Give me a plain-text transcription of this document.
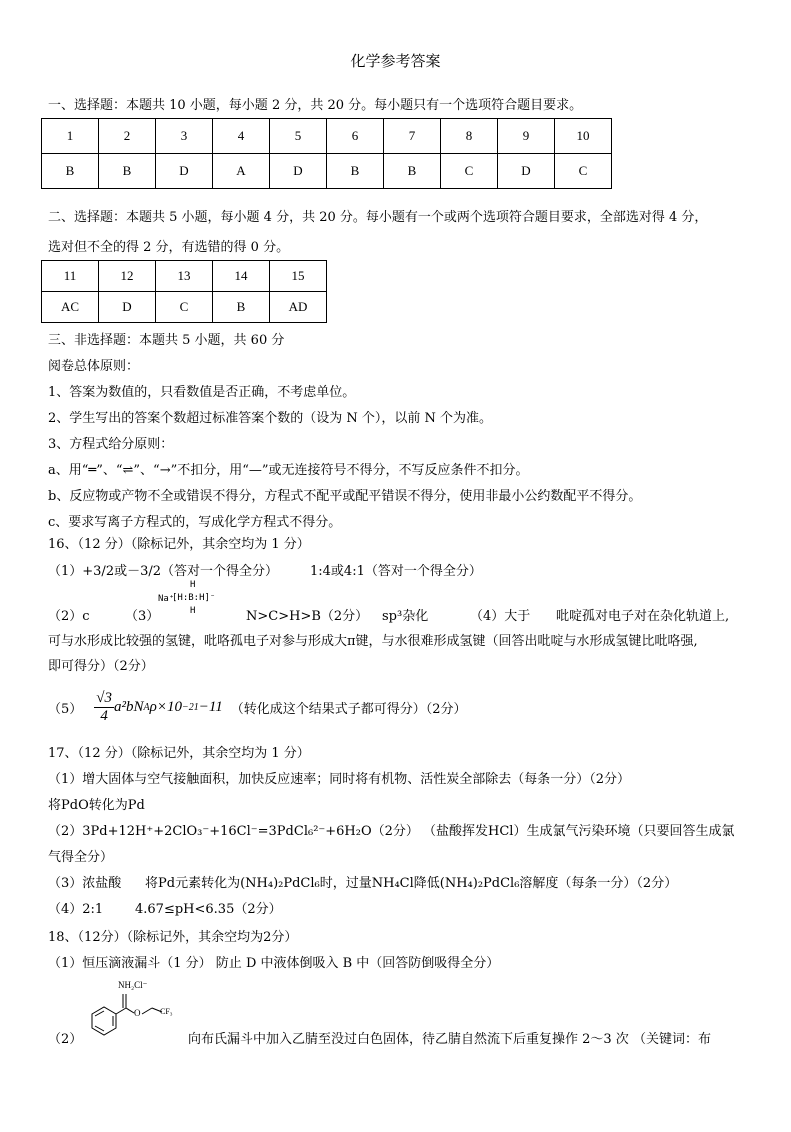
化学参考答案
一、选择题：本题共 10 小题，每小题 2 分，共 20 分。每小题只有一个选项符合题目要求。
1	2	3	4	5	6	7	8	9	10
B	B	D	A	D	B	B	C	D	C
二、选择题：本题共 5 小题，每小题 4 分，共 20 分。每小题有一个或两个选项符合题目要求，全部选对得 4 分，
选对但不全的得 2 分，有选错的得 0 分。
11	12	13	14	15
AC	D	C	B	AD
三、非选择题：本题共 5 小题，共 60 分
阅卷总体原则：
1、答案为数值的，只看数值是否正确，不考虑单位。
2、学生写出的答案个数超过标准答案个数的（设为 N 个），以前 N 个为准。
3、方程式给分原则：
a、用“═”、“⇌”、“→”不扣分，用“—”或无连接符号不得分，不写反应条件不扣分。
b、反应物或产物不全或错误不得分，方程式不配平或配平错误不得分，使用非最小公约数配平不得分。
c、要求写离子方程式的，写成化学方程式不得分。
16、（12 分）（除标记外，其余空均为 1 分）
（1）+3/2或－3/2（答对一个得全分） 1:4或4:1（答对一个得全分）
（2）c	（3）
Na⁺
H
[H:B:H]⁻
H	N>C>H>B（2分） sp³杂化	（4）大于 吡啶孤对电子对在杂化轨道上,
可与水形成比较强的氢键，吡咯孤电子对参与形成大π键，与水很难形成氢键（回答出吡啶与水形成氢键比吡咯强,
即可得分）（2分）
$(5) \frac{√3}{4} a^2bN$ A ρ×10 −21 −11 （转化成这个结果式子都可得分）（2分）
17、（12 分）（除标记外，其余空均为 1 分）
（1）增大固体与空气接触面积，加快反应速率；同时将有机物、活性炭全部除去（每条一分）（2分）
将PdO转化为Pd
（2）3Pd+12H⁺+2ClO₃⁻+16Cl⁻=3PdCl₆²⁻+6H₂O（2分） （盐酸挥发HCl）生成氯气污染环境（只要回答生成氯
气得全分）
（3）浓盐酸 将Pd元素转化为(NH₄)₂PdCl₆时，过量NH₄Cl降低(NH₄)₂PdCl₆溶解度（每条一分）（2分）
（4）2:1 4.67≤pH<6.35（2分）
18、（12分）（除标记外，其余空均为2分）
（1）恒压滴液漏斗（1 分） 防止 D 中液体倒吸入 B 中（回答防倒吸得全分）
（2）
NH₂Cl⁻
O CF₃
向布氏漏斗中加入乙腈至没过白色固体，待乙腈自然流下后重复操作 2～3 次 （关键词：布
